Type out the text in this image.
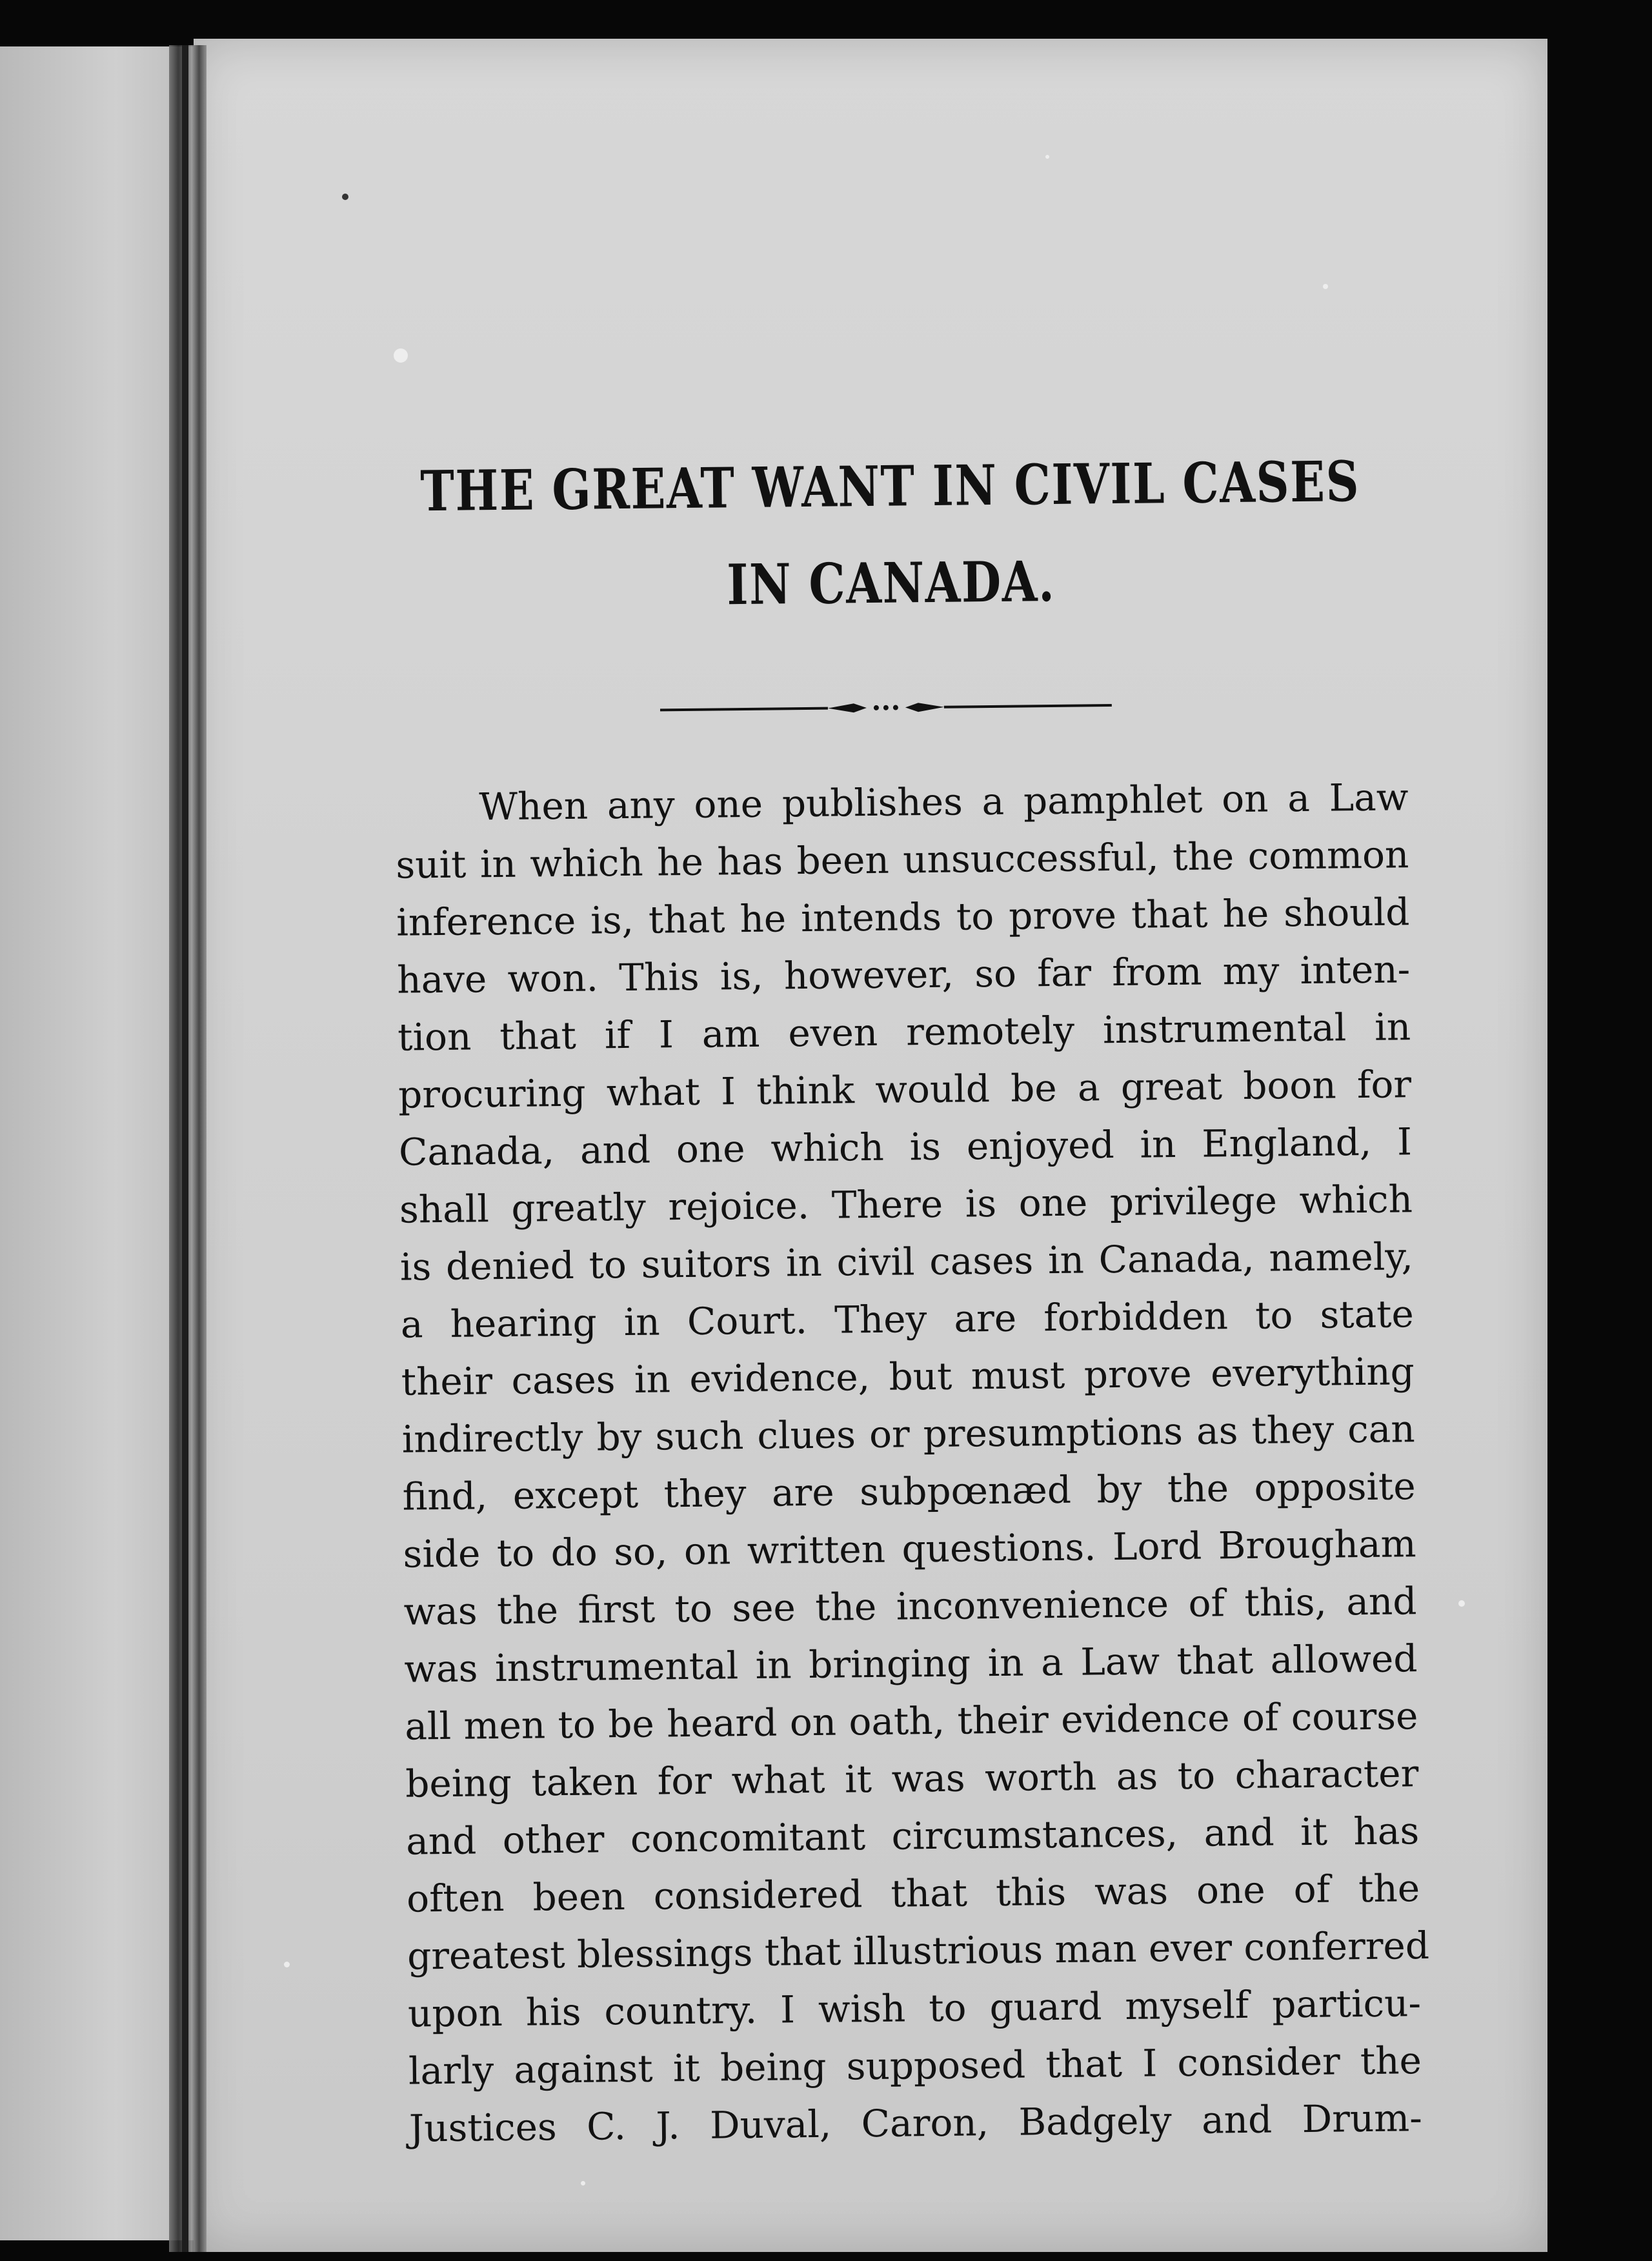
THE GREAT WANT IN CIVIL CASES
IN CANADA.
When any one publishes a pamphlet on a Law
suit in which he has been unsuccessful, the common
inference is, that he intends to prove that he should
have won. This is, however, so far from my inten-
tion that if I am even remotely instrumental in
procuring what I think would be a great boon for
Canada, and one which is enjoyed in England, I
shall greatly rejoice. There is one privilege which
is denied to suitors in civil cases in Canada, namely,
a hearing in Court. They are forbidden to state
their cases in evidence, but must prove everything
indirectly by such clues or presumptions as they can
find, except they are subpœnæd by the opposite
side to do so, on written questions. Lord Brougham
was the first to see the inconvenience of this, and
was instrumental in bringing in a Law that allowed
all men to be heard on oath, their evidence of course
being taken for what it was worth as to character
and other concomitant circumstances, and it has
often been considered that this was one of the
greatest blessings that illustrious man ever conferred
upon his country. I wish to guard myself particu-
larly against it being supposed that I consider the
Justices C. J. Duval, Caron, Badgely and Drum-
